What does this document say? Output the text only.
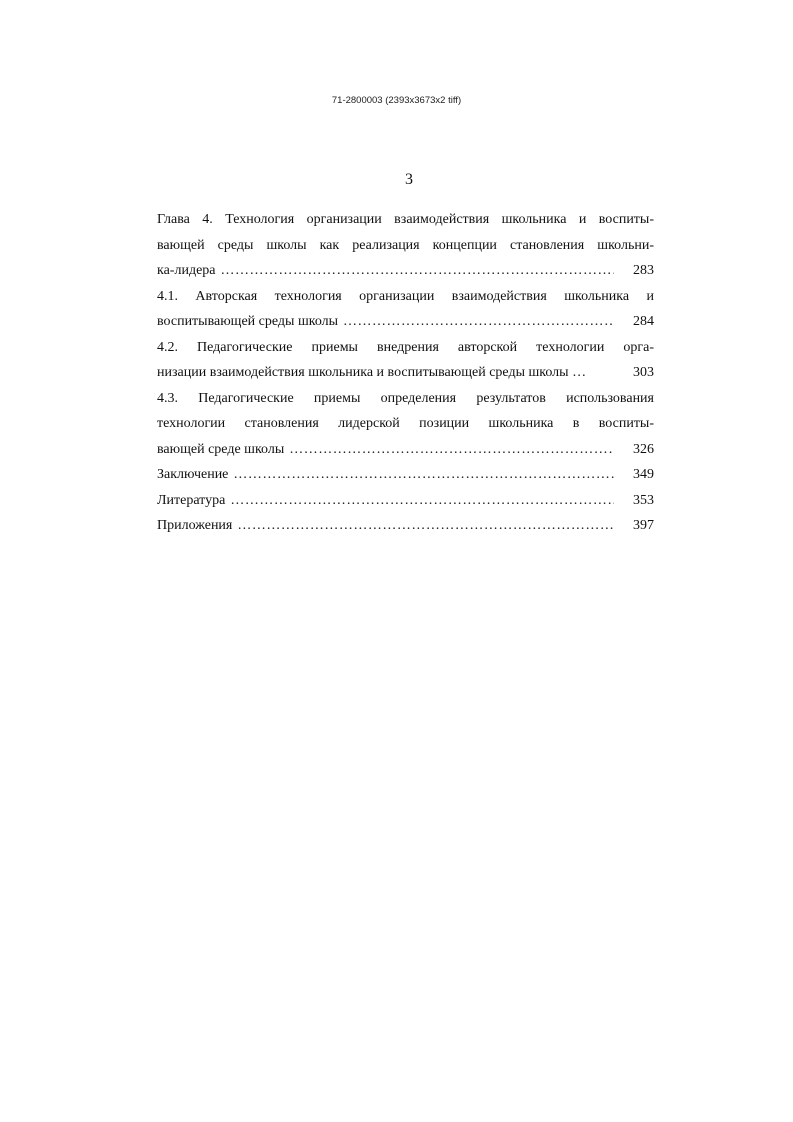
71-2800003 (2393x3673x2 tiff)
3
Глава 4. Технология организации взаимодействия школьника и воспиты-
вающей среды школы как реализация концепции становления школьни-
ка-лидера ……………………………………………………………………………………………………………………………………………………………	283
4.1. Авторская технология организации взаимодействия школьника и
воспитывающей среды школы ……………………………………………………………………………………………………………………………………………………………	284
4.2. Педагогические приемы внедрения авторской технологии орга-
низации взаимодействия школьника и воспитывающей среды школы …	303
4.3. Педагогические приемы определения результатов использования
технологии становления лидерской позиции школьника в воспиты-
вающей среде школы ……………………………………………………………………………………………………………………………………………………………	326
Заключение ……………………………………………………………………………………………………………………………………………………………	349
Литература ……………………………………………………………………………………………………………………………………………………………	353
Приложения ……………………………………………………………………………………………………………………………………………………………	397
